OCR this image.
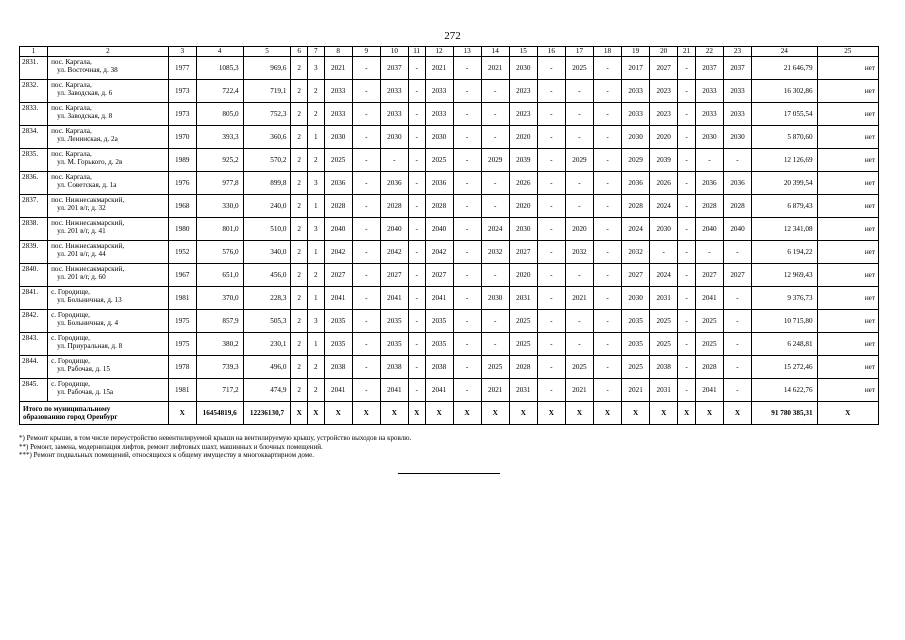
272
1	2	3	4	5	6	7	8	9	10	11	12	13	14	15	16	17	18	19	20	21	22	23	24	25
2831.	пос. Каргала,
ул. Восточная, д. 38	1977	1085,3	969,6	2	3	2021	-	2037	-	2021	-	2021	2030	-	2025	-	2017	2027	-	2037	2037	21 646,79	нет
2832.	пос. Каргала,
ул. Заводская, д. 6	1973	722,4	719,1	2	2	2033	-	2033	-	2033	-	-	2023	-	-	-	2033	2023	-	2033	2033	16 302,86	нет
2833.	пос. Каргала,
ул. Заводская, д. 8	1973	805,0	752,3	2	2	2033	-	2033	-	2033	-	-	2023	-	-	-	2033	2023	-	2033	2033	17 055,54	нет
2834.	пос. Каргала,
ул. Ленинская, д. 2а	1970	393,3	360,6	2	1	2030	-	2030	-	2030	-	-	2020	-	-	-	2030	2020	-	2030	2030	5 870,60	нет
2835.	пос. Каргала,
ул. М. Горького, д. 2в	1989	925,2	570,2	2	2	2025	-	-	-	2025	-	2029	2039	-	2029	-	2029	2039	-	-	-	12 126,69	нет
2836.	пос. Каргала,
ул. Советская, д. 1а	1976	977,8	899,8	2	3	2036	-	2036	-	2036	-	-	2026	-	-	-	2036	2026	-	2036	2036	20 399,54	нет
2837.	пос. Нижнесакмарский,
ул. 201 в/г, д. 32	1968	330,0	240,0	2	1	2028	-	2028	-	2028	-	-	2020	-	-	-	2028	2024	-	2028	2028	6 879,43	нет
2838.	пос. Нижнесакмарский,
ул. 201 в/г, д. 41	1980	801,0	510,0	2	3	2040	-	2040	-	2040	-	2024	2030	-	2020	-	2024	2030	-	2040	2040	12 341,08	нет
2839.	пос. Нижнесакмарский,
ул. 201 в/г, д. 44	1952	576,0	340,0	2	1	2042	-	2042	-	2042	-	2032	2027	-	2032	-	2032	-	-	-	-	6 194,22	нет
2840.	пос. Нижнесакмарский,
ул. 201 в/г, д. 60	1967	651,0	456,0	2	2	2027	-	2027	-	2027	-	-	2020	-	-	-	2027	2024	-	2027	2027	12 969,43	нет
2841.	с. Городище,
ул. Больничная, д. 13	1981	370,0	228,3	2	1	2041	-	2041	-	2041	-	2030	2031	-	2021	-	2030	2031	-	2041	-	9 376,73	нет
2842.	с. Городище,
ул. Больничная, д. 4	1975	857,9	505,3	2	3	2035	-	2035	-	2035	-	-	2025	-	-	-	2035	2025	-	2025	-	10 715,80	нет
2843.	с. Городище,
ул. Приуральная, д. 8	1975	380,2	230,1	2	1	2035	-	2035	-	2035	-	-	2025	-	-	-	2035	2025	-	2025	-	6 248,81	нет
2844.	с. Городище,
ул. Рабочая, д. 15	1978	739,3	496,0	2	2	2038	-	2038	-	2038	-	2025	2028	-	2025	-	2025	2038	-	2028	-	15 272,46	нет
2845.	с. Городище,
ул. Рабочая, д. 15а	1981	717,2	474,9	2	2	2041	-	2041	-	2041	-	2021	2031	-	2021	-	2021	2031	-	2041	-	14 622,76	нет

Итого по муниципальному
образованию город Оренбург		X	16454819,6	12236130,7	X	X	X	X	X	X	X	X	X	X	X	X	X	X	X	X	X	X	91 780 385,31	X
*) Ремонт крыши, в том числе переустройство невентилируемой крыши на вентилируемую крышу, устройство выходов на кровлю.
**) Ремонт, замена, модернизация лифтов, ремонт лифтовых шахт, машинных и блочных помещений.
***) Ремонт подвальных помещений, относящихся к общему имуществу в многоквартирном доме.
